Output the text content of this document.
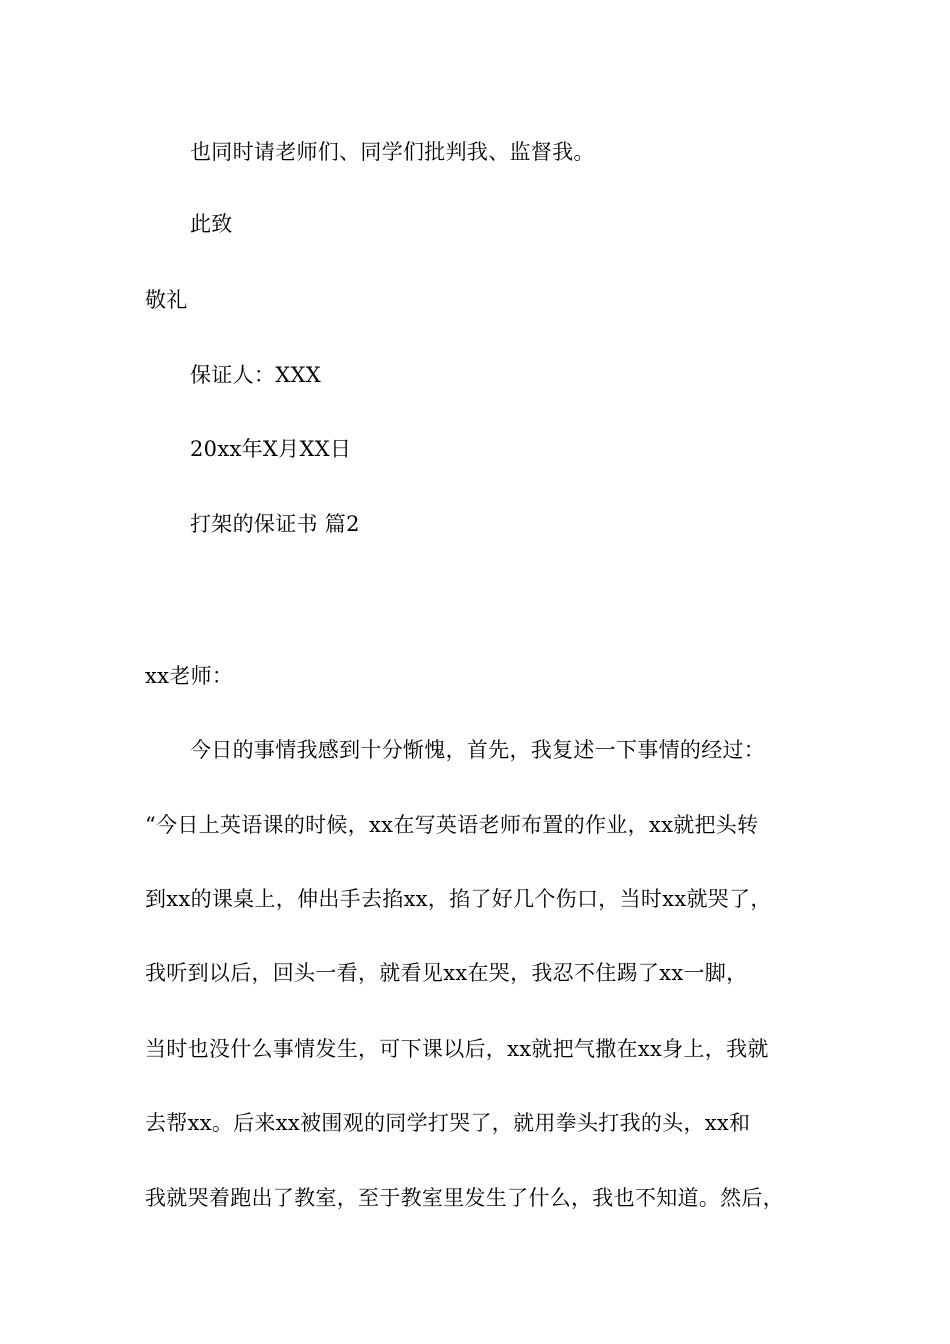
也同时请老师们、同学们批判我、监督我。
此致
敬礼
保证人：XXX
20xx年X月XX日
打架的保证书 篇2
xx老师：
今日的事情我感到十分惭愧，首先，我复述一下事情的经过：
“今日上英语课的时候，xx在写英语老师布置的作业，xx就把头转
到xx的课桌上，伸出手去掐xx，掐了好几个伤口，当时xx就哭了，
我听到以后，回头一看，就看见xx在哭，我忍不住踢了xx一脚，
当时也没什么事情发生，可下课以后，xx就把气撒在xx身上，我就
去帮xx。后来xx被围观的同学打哭了，就用拳头打我的头，xx和
我就哭着跑出了教室，至于教室里发生了什么，我也不知道。然后，
